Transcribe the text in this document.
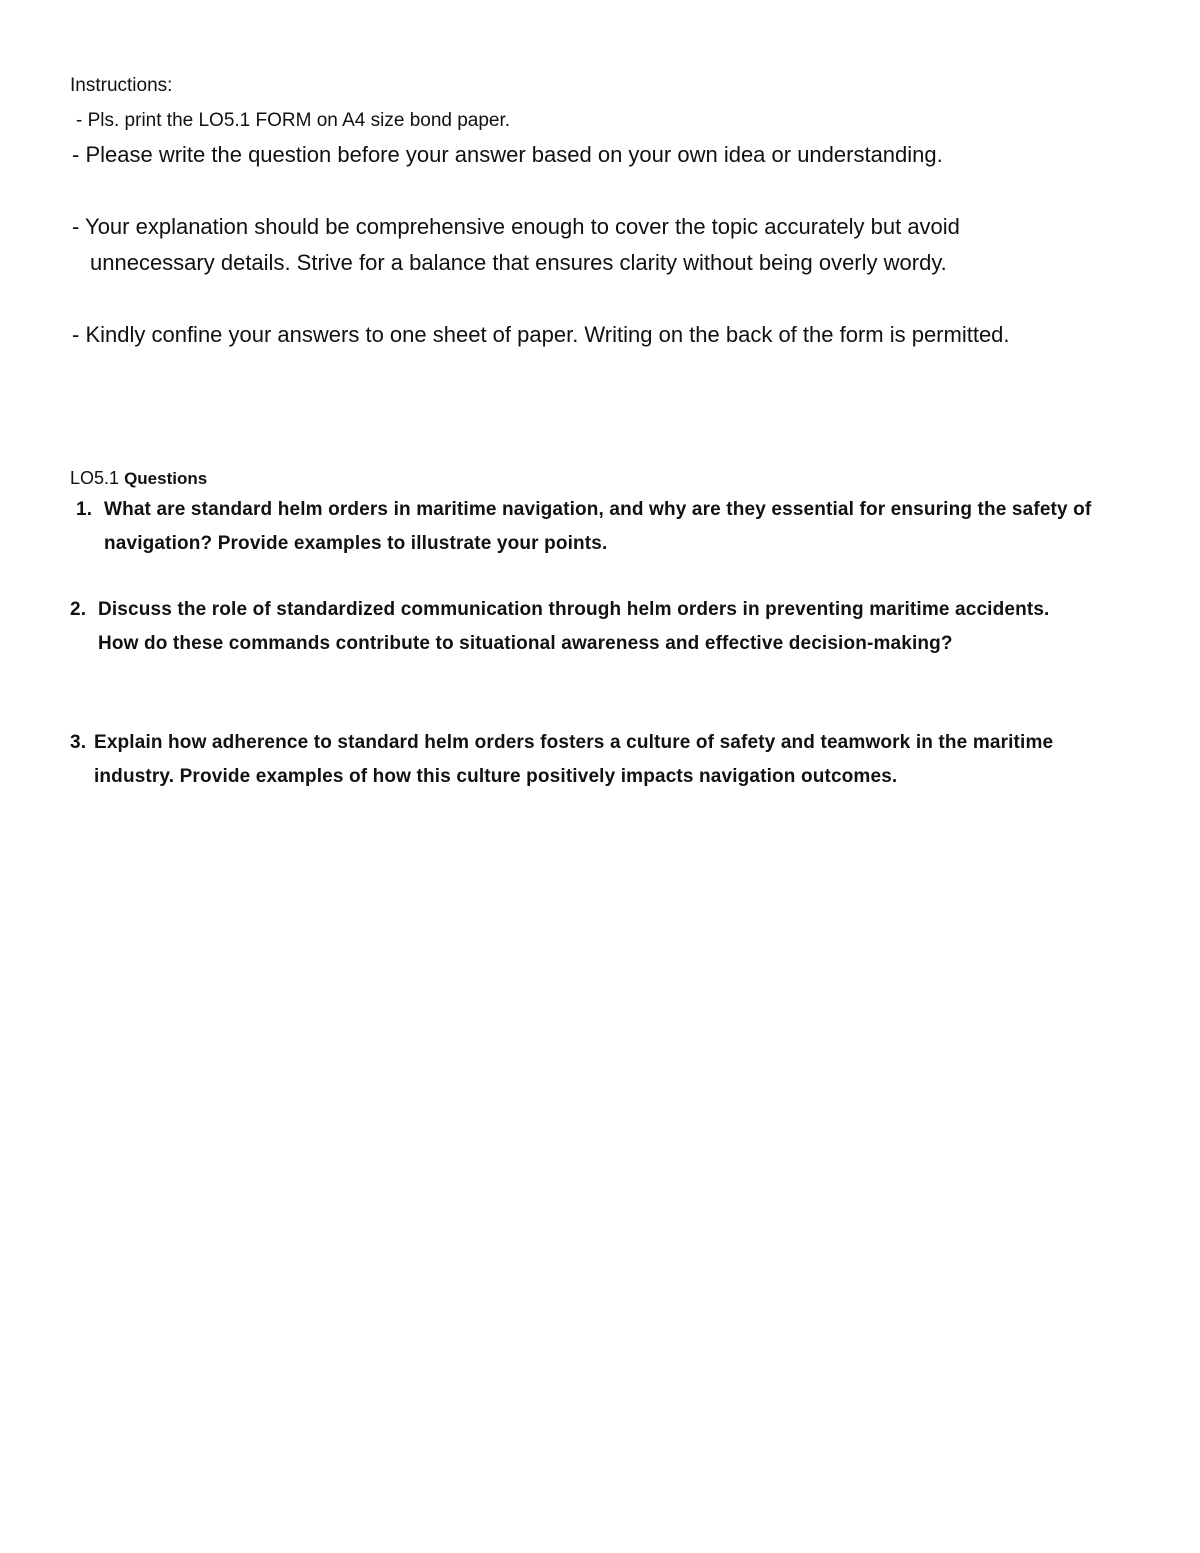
Instructions:
- Pls. print the LO5.1 FORM on A4 size bond paper.
- Please write the question before your answer based on your own idea or understanding.
- Your explanation should be comprehensive enough to cover the topic accurately but avoid unnecessary details. Strive for a balance that ensures clarity without being overly wordy.
- Kindly confine your answers to one sheet of paper. Writing on the back of the form is permitted.
LO5.1 Questions
1. What are standard helm orders in maritime navigation, and why are they essential for ensuring the safety of navigation? Provide examples to illustrate your points.
2. Discuss the role of standardized communication through helm orders in preventing maritime accidents. How do these commands contribute to situational awareness and effective decision-making?
3. Explain how adherence to standard helm orders fosters a culture of safety and teamwork in the maritime industry. Provide examples of how this culture positively impacts navigation outcomes.
